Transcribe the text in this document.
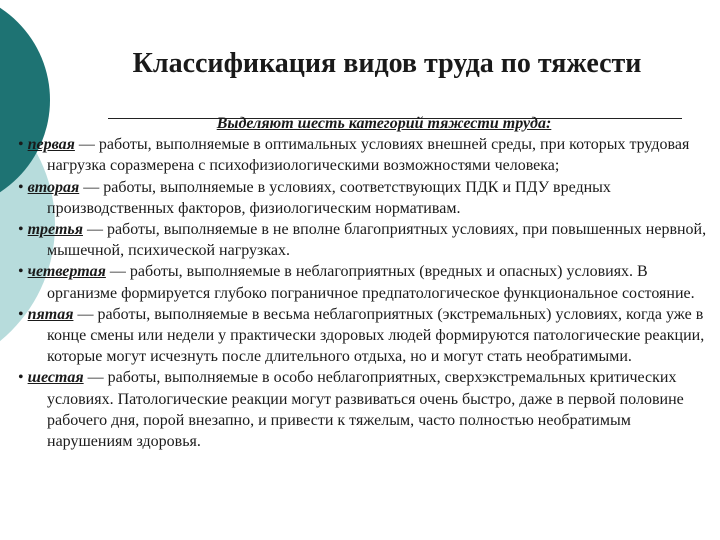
Классификация видов труда по тяжести
Выделяют шесть категорий тяжести труда:
• первая — работы, выполняемые в оптимальных условиях внешней среды, при которых трудовая нагрузка соразмерена с психофизиологическими возможностями человека;
• вторая — работы, выполняемые в условиях, соответствующих ПДК и ПДУ вредных производственных факторов, физиологическим нормативам.
• третья — работы, выполняемые в не вполне благоприятных условиях, при повышенных нервной, мышечной, психической нагрузках.
• четвертая — работы, выполняемые в неблагоприятных (вредных и опасных) условиях. В организме формируется глубоко пограничное предпатологическое функциональное состояние.
• пятая — работы, выполняемые в весьма неблагоприятных (экстремальных) условиях, когда уже в конце смены или недели у практически здоровых людей формируются патологические реакции, которые могут исчезнуть после длительного отдыха, но и могут стать необратимыми.
• шестая — работы, выполняемые в особо неблагоприятных, сверхэкстремальных критических условиях. Патологические реакции могут развиваться очень быстро, даже в первой половине рабочего дня, порой внезапно, и привести к тяжелым, часто полностью необратимым нарушениям здоровья.
